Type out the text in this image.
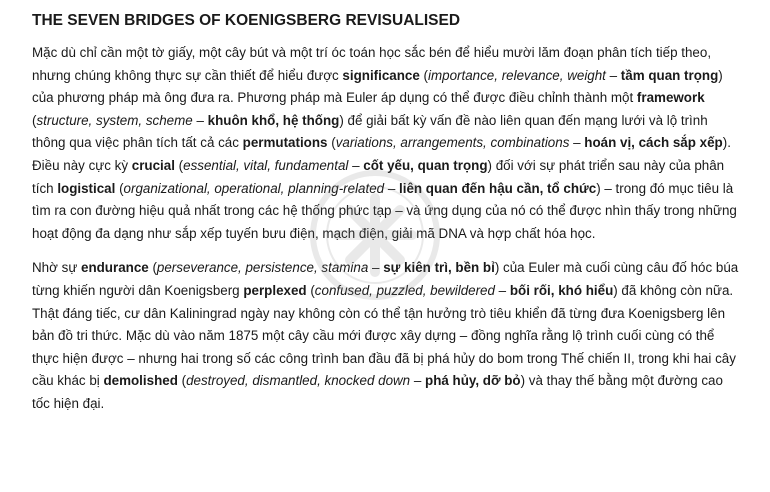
THE SEVEN BRIDGES OF KOENIGSBERG REVISUALISED

Mặc dù chỉ cần một tờ giấy, một cây bút và một trí óc toán học sắc bén để hiểu mười lăm đoạn phân tích tiếp theo, nhưng chúng không thực sự cần thiết để hiểu được significance (importance, relevance, weight – tầm quan trọng) của phương pháp mà ông đưa ra. Phương pháp mà Euler áp dụng có thể được điều chỉnh thành một framework (structure, system, scheme – khuôn khổ, hệ thống) để giải bất kỳ vấn đề nào liên quan đến mạng lưới và lộ trình thông qua việc phân tích tất cả các permutations (variations, arrangements, combinations – hoán vị, cách sắp xếp). Điều này cực kỳ crucial (essential, vital, fundamental – cốt yếu, quan trọng) đối với sự phát triển sau này của phân tích logistical (organizational, operational, planning-related – liên quan đến hậu cần, tổ chức) – trong đó mục tiêu là tìm ra con đường hiệu quả nhất trong các hệ thống phức tạp – và ứng dụng của nó có thể được nhìn thấy trong những hoạt động đa dạng như sắp xếp tuyến bưu điện, mạch điện, giải mã DNA và hợp chất hóa học.

Nhờ sự endurance (perseverance, persistence, stamina – sự kiên trì, bền bỉ) của Euler mà cuối cùng câu đố hóc búa từng khiến người dân Koenigsberg perplexed (confused, puzzled, bewildered – bối rối, khó hiểu) đã không còn nữa. Thật đáng tiếc, cư dân Kaliningrad ngày nay không còn có thể tận hưởng trò tiêu khiển đã từng đưa Koenigsberg lên bản đồ tri thức. Mặc dù vào năm 1875 một cây cầu mới được xây dựng – đồng nghĩa rằng lộ trình cuối cùng có thể thực hiện được – nhưng hai trong số các công trình ban đầu đã bị phá hủy do bom trong Thế chiến II, trong khi hai cây cầu khác bị demolished (destroyed, dismantled, knocked down – phá hủy, dỡ bỏ) và thay thế bằng một đường cao tốc hiện đại.
